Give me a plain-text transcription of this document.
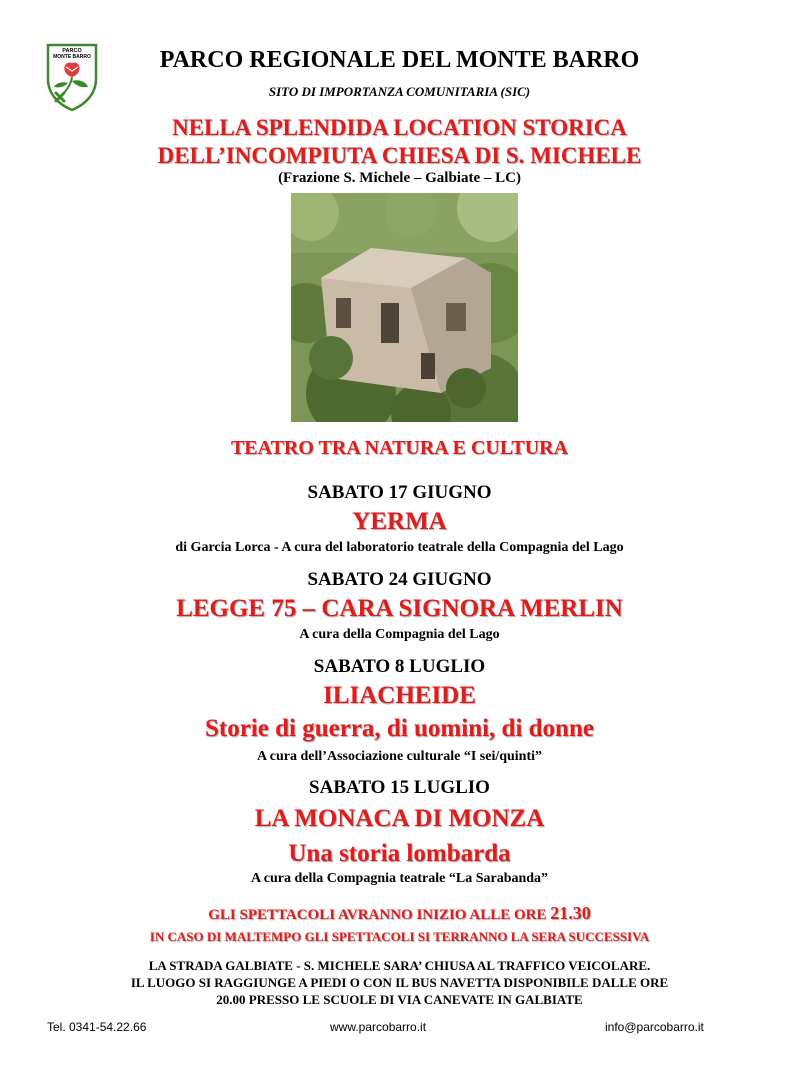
PARCO
MONTE BARRO	PARCO REGIONALE DEL MONTE BARRO
SITO DI IMPORTANZA COMUNITARIA (SIC)
NELLA SPLENDIDA LOCATION STORICA
DELL’INCOMPIUTA CHIESA DI S. MICHELE
(Frazione S. Michele – Galbiate – LC)
TEATRO TRA NATURA E CULTURA
SABATO 17 GIUGNO
YERMA
di Garcia Lorca - A cura del laboratorio teatrale della Compagnia del Lago
SABATO 24 GIUGNO
LEGGE 75 – CARA SIGNORA MERLIN
A cura della Compagnia del Lago
SABATO 8 LUGLIO
ILIACHEIDE
Storie di guerra, di uomini, di donne
A cura dell’Associazione culturale “I sei/quinti”
SABATO 15 LUGLIO
LA MONACA DI MONZA
Una storia lombarda
A cura della Compagnia teatrale “La Sarabanda”
GLI SPETTACOLI AVRANNO INIZIO ALLE ORE 21.30
IN CASO DI MALTEMPO GLI SPETTACOLI SI TERRANNO LA SERA SUCCESSIVA
LA STRADA GALBIATE - S. MICHELE SARA’ CHIUSA AL TRAFFICO VEICOLARE.
IL LUOGO SI RAGGIUNGE A PIEDI O CON IL BUS NAVETTA DISPONIBILE DALLE ORE
20.00 PRESSO LE SCUOLE DI VIA CANEVATE IN GALBIATE
Tel. 0341-54.22.66	www.parcobarro.it	info@parcobarro.it
